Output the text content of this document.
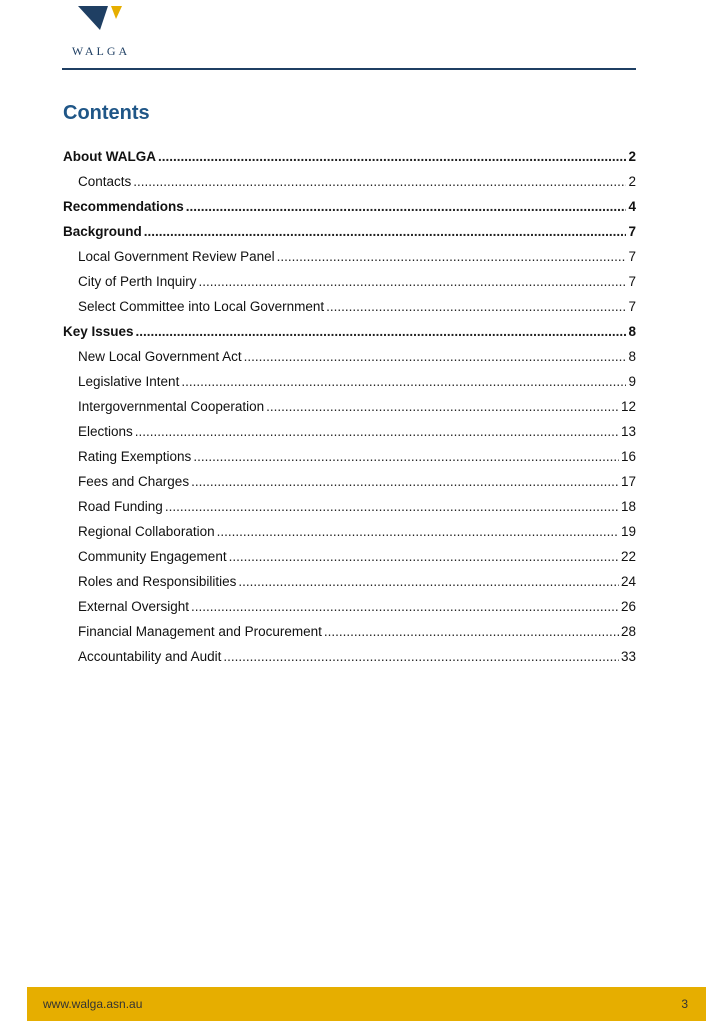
WALGA
Contents
About WALGA .....	2
Contacts .....	2
Recommendations .....	4
Background .....	7
Local Government Review Panel .....	7
City of Perth Inquiry .....	7
Select Committee into Local Government .....	7
Key Issues .....	8
New Local Government Act .....	8
Legislative Intent .....	9
Intergovernmental Cooperation .....	12
Elections .....	13
Rating Exemptions .....	16
Fees and Charges .....	17
Road Funding .....	18
Regional Collaboration .....	19
Community Engagement .....	22
Roles and Responsibilities .....	24
External Oversight .....	26
Financial Management and Procurement .....	28
Accountability and Audit .....	33
www.walga.asn.au	3
